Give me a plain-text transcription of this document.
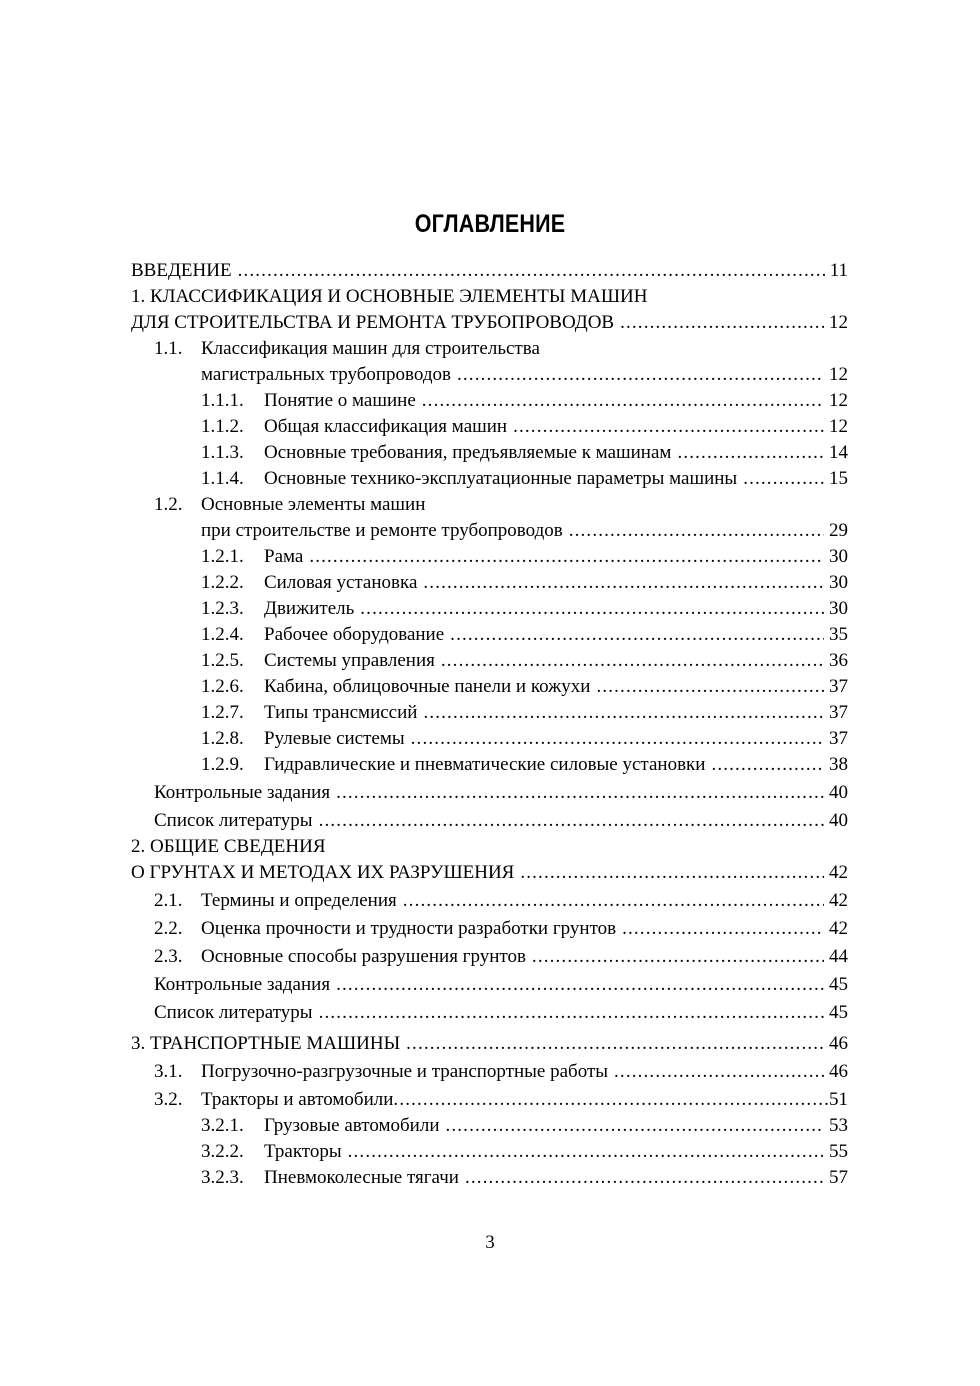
ОГЛАВЛЕНИЕ
ВВЕДЕНИЕ . . .	11
1. КЛАССИФИКАЦИЯ И ОСНОВНЫЕ ЭЛЕМЕНТЫ МАШИН
ДЛЯ СТРОИТЕЛЬСТВА И РЕМОНТА ТРУБОПРОВОДОВ . . .	12
1.1. Классификация машин для строительства
магистральных трубопроводов . . .	12
1.1.1.	Понятие о машине . . .	12
1.1.2.	Общая классификация машин . . .	12
1.1.3.	Основные требования, предъявляемые к машинам . . .	14
1.1.4.	Основные технико-эксплуатационные параметры машины . . .	15
1.2. Основные элементы машин
при строительстве и ремонте трубопроводов . . .	29
1.2.1.	Рама . . .	30
1.2.2.	Силовая установка . . .	30
1.2.3.	Движитель . . .	30
1.2.4.	Рабочее оборудование . . .	35
1.2.5.	Системы управления . . .	36
1.2.6.	Кабина, облицовочные панели и кожухи . . .	37
1.2.7.	Типы трансмиссий . . .	37
1.2.8.	Рулевые системы . . .	37
1.2.9.	Гидравлические и пневматические силовые установки . . .	38
Контрольные задания . . .	40
Список литературы . . .	40
2. ОБЩИЕ СВЕДЕНИЯ
О ГРУНТАХ И МЕТОДАХ ИХ РАЗРУШЕНИЯ . . .	42
2.1. Термины и определения . . .	42
2.2. Оценка прочности и трудности разработки грунтов . . .	42
2.3. Основные способы разрушения грунтов . . .	44
Контрольные задания . . .	45
Список литературы . . .	45
3. ТРАНСПОРТНЫЕ МАШИНЫ . . .	46
3.1. Погрузочно-разгрузочные и транспортные работы . . .	46
3.2. Тракторы и автомобили . . .	51
3.2.1.	Грузовые автомобили . . .	53
3.2.2.	Тракторы . . .	55
3.2.3.	Пневмоколесные тягачи . . .	57
3
